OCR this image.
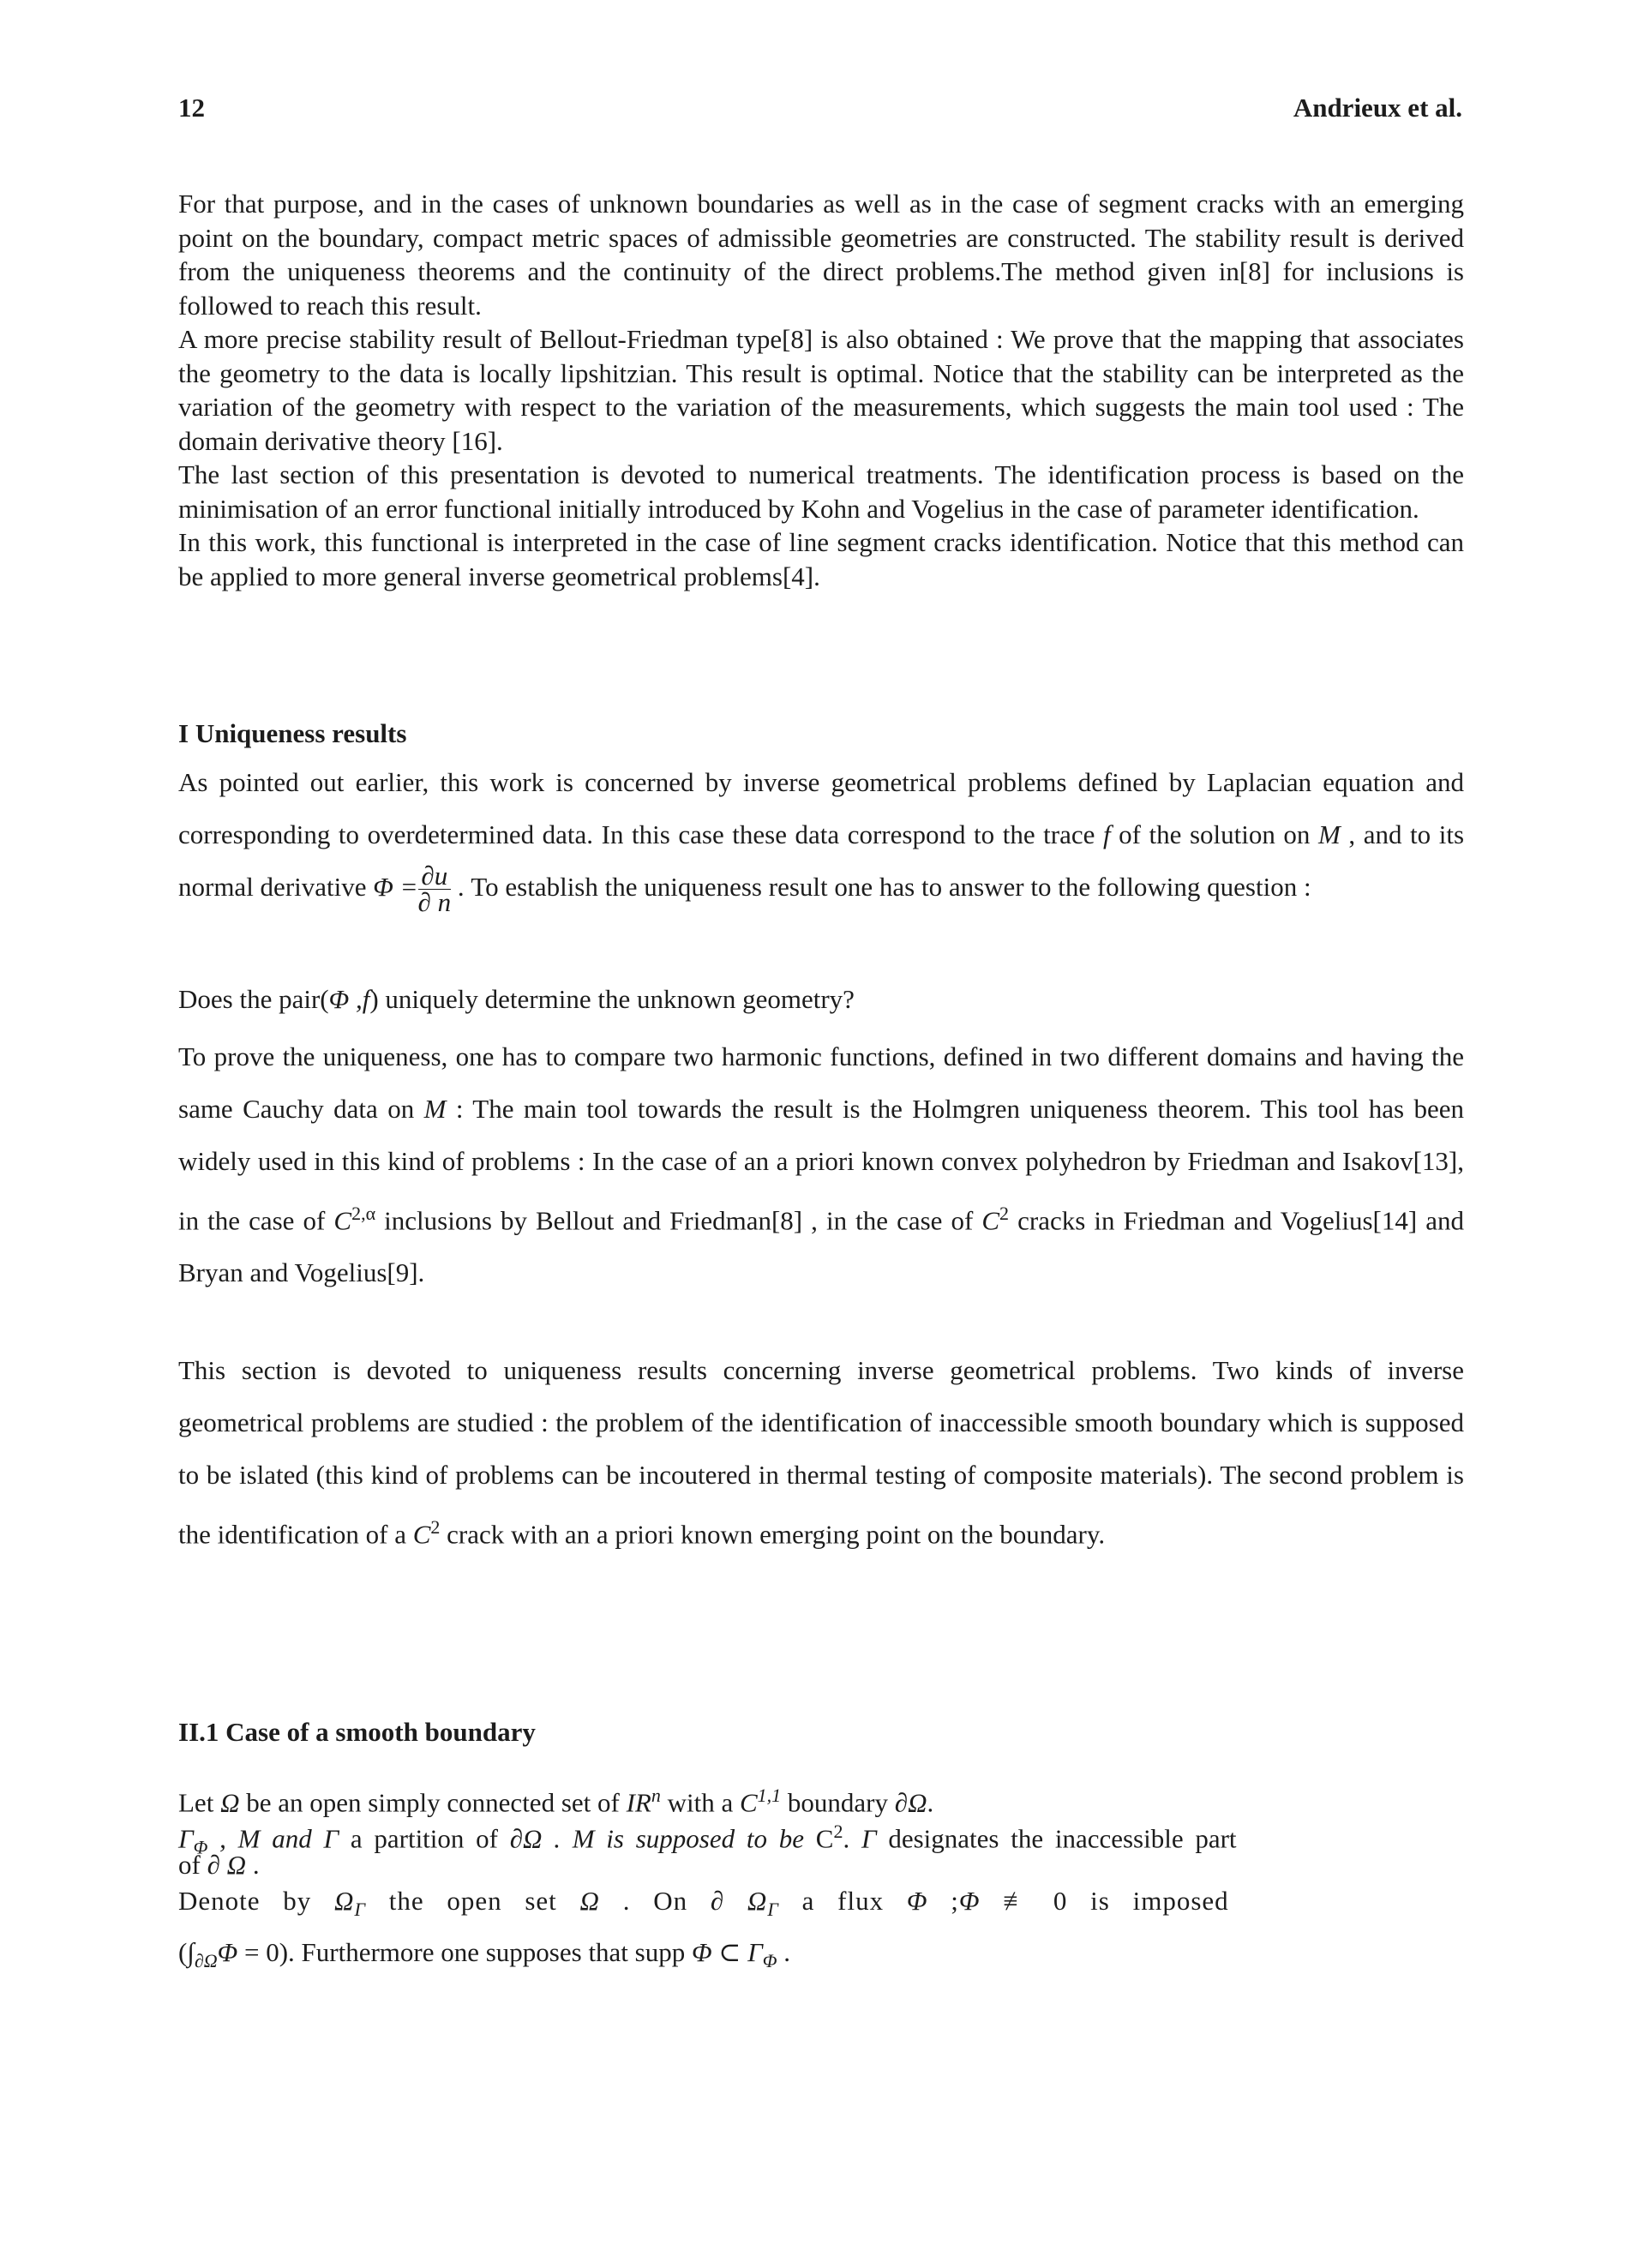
12	Andrieux et al.
For that purpose, and in the cases of unknown boundaries as well as in the case of segment cracks with an emerging point on the boundary, compact metric spaces of admissible geometries are constructed. The stability result is derived from the uniqueness theorems and the continuity of the direct problems.The method given in[8] for inclusions is followed to reach this result.
A more precise stability result of Bellout-Friedman type[8] is also obtained : We prove that the mapping that associates the geometry to the data is locally lipshitzian. This result is optimal. Notice that the stability can be interpreted as the variation of the geometry with respect to the variation of the measurements, which suggests the main tool used : The domain derivative theory [16].
The last section of this presentation is devoted to numerical treatments. The identification process is based on the minimisation of an error functional initially introduced by Kohn and Vogelius in the case of parameter identification.
In this work, this functional is interpreted in the case of line segment cracks identification. Notice that this method can be applied to more general inverse geometrical problems[4].
I Uniqueness results
As pointed out earlier, this work is concerned by inverse geometrical problems defined by Laplacian equation and corresponding to overdetermined data. In this case these data correspond to the trace f of the solution on M , and to its normal derivative $\Phi = \frac{\partial u}{\partial n}$ . To establish the uniqueness result one has to answer to the following question :
Does the pair(Φ ,f) uniquely determine the unknown geometry?
To prove the uniqueness, one has to compare two harmonic functions, defined in two different domains and having the same Cauchy data on M : The main tool towards the result is the Holmgren uniqueness theorem. This tool has been widely used in this kind of problems : In the case of an a priori known convex polyhedron by Friedman and Isakov[13], in the case of $C^{2,\alpha}$ inclusions by Bellout and Friedman[8] , in the case of $C^2$ cracks in Friedman and Vogelius[14] and Bryan and Vogelius[9].
This section is devoted to uniqueness results concerning inverse geometrical problems. Two kinds of inverse geometrical problems are studied : the problem of the identification of inaccessible smooth boundary which is supposed to be islated (this kind of problems can be incoutered in thermal testing of composite materials). The second problem is the identification of a $C^2$ crack with an a priori known emerging point on the boundary.
II.1 Case of a smooth boundary
Let Ω be an open simply connected set of $IR^n$ with a C$^{1,1}$ boundary ∂Ω.
$\Gamma_\Phi$ , M and Γ a partition of ∂Ω . M is supposed to be $C^2$. Γ designates the inaccessible part
of ∂ Ω .
Denote by $\Omega_\Gamma$ the open set Ω . On ∂ $\Omega_\Gamma$ a flux Φ ;Φ ≢ 0 is imposed
$(\int_{\partial\Omega}\Phi = 0)$. Furthermore one supposes that supp Φ ⊂ $\Gamma_\Phi$ .
